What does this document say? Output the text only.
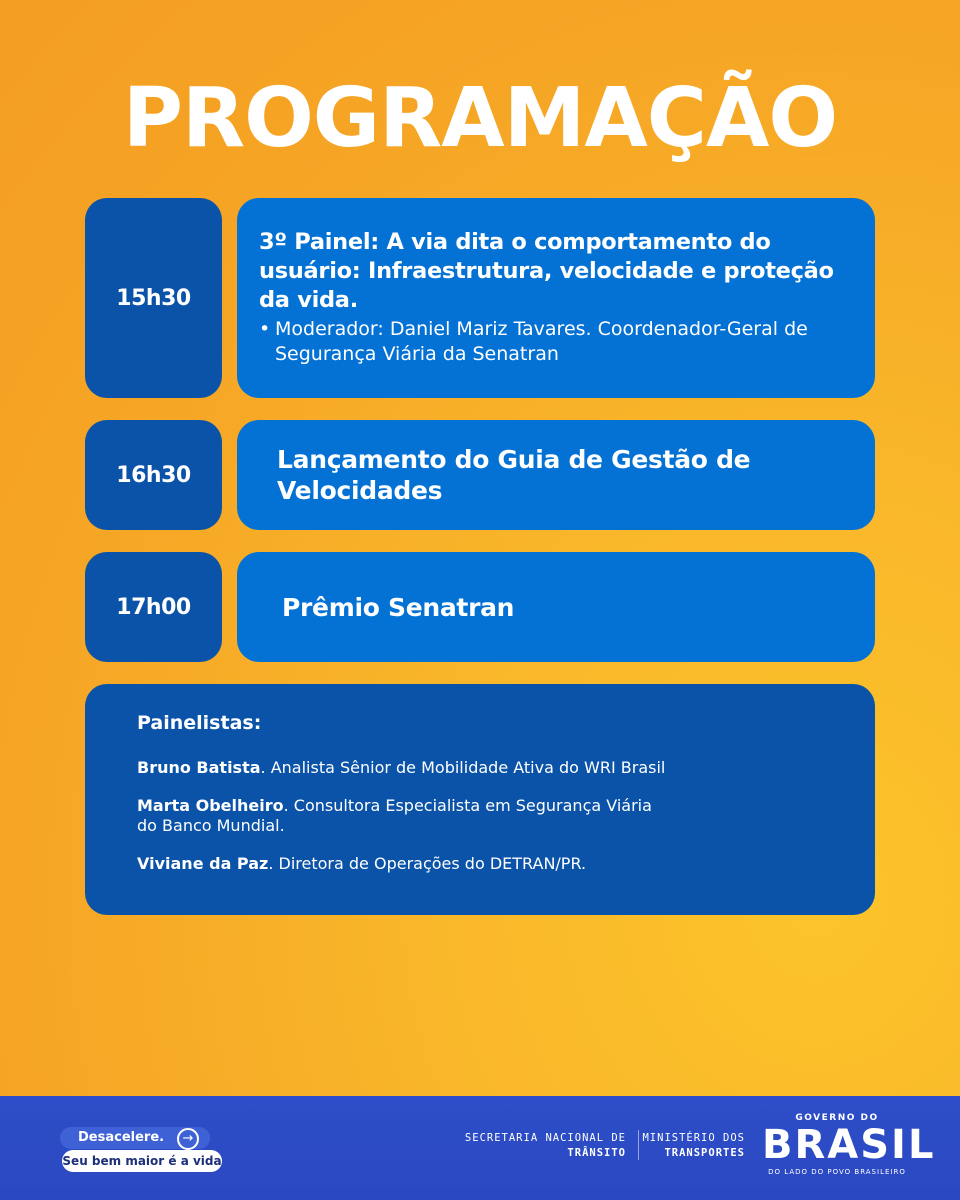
PROGRAMAÇÃO
15h30
3º Painel: A via dita o comportamento do usuário: Infraestrutura, velocidade e proteção da vida.
• Moderador: Daniel Mariz Tavares. Coordenador-Geral de Segurança Viária da Senatran
16h30
Lançamento do Guia de Gestão de Velocidades
17h00	Prêmio Senatran
Painelistas:
Bruno Batista. Analista Sênior de Mobilidade Ativa do WRI Brasil
Marta Obelheiro. Consultora Especialista em Segurança Viária
do Banco Mundial.
Viviane da Paz. Diretora de Operações do DETRAN/PR.
Desacelere.	→
Seu bem maior é a vida
SECRETARIA NACIONAL DE
TRÂNSITO
MINISTÉRIO DOS
TRANSPORTES
GOVERNO DO
BRASIL
DO LADO DO POVO BRASILEIRO
